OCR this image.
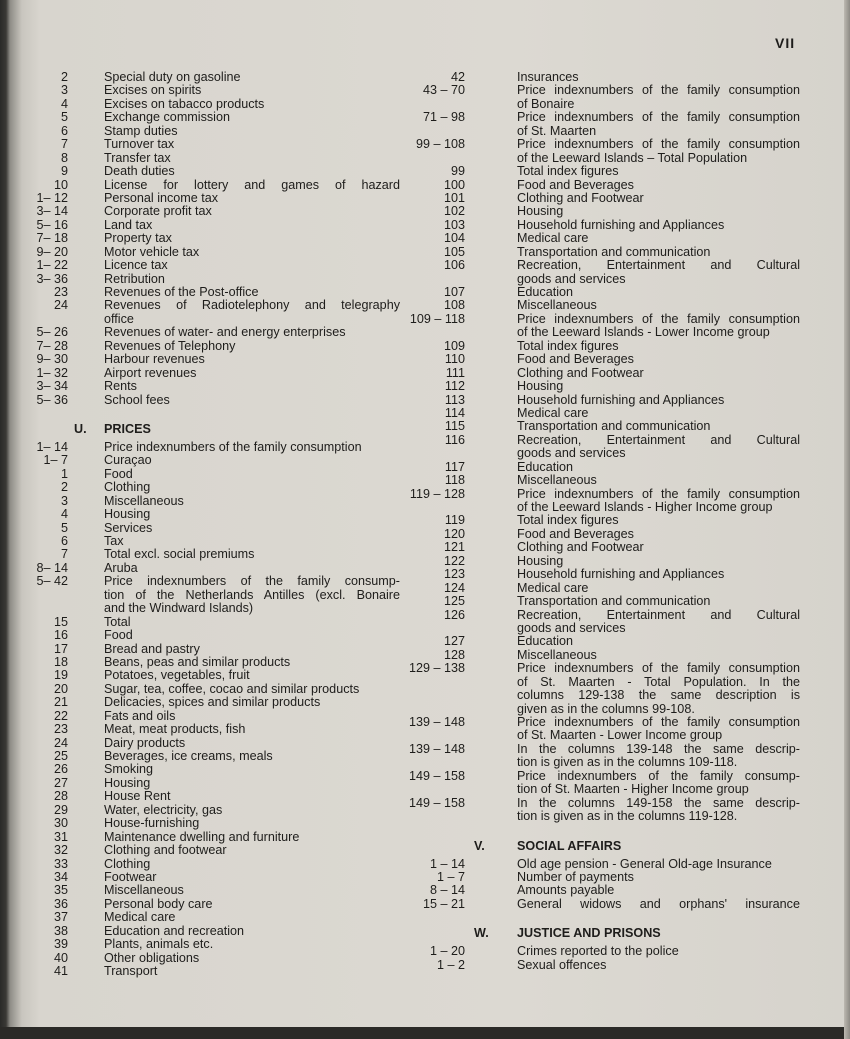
VII
2	Special duty on gasoline
3	Excises on spirits
4	Excises on tabacco products
5	Exchange commission
6	Stamp duties
7	Turnover tax
8	Transfer tax
9	Death duties
10	License for lottery and games of hazard
1– 12	Personal income tax
3– 14	Corporate profit tax
5– 16	Land tax
7– 18	Property tax
9– 20	Motor vehicle tax
1– 22	Licence tax
3– 36	Retribution
23	Revenues of the Post-office
24	Revenues of Radiotelephony and telegraphy
office
5– 26	Revenues of water- and energy enterprises
7– 28	Revenues of Telephony
9– 30	Harbour revenues
1– 32	Airport revenues
3– 34	Rents
5– 36	School fees
U.	PRICES
1– 14	Price indexnumbers of the family consumption
1– 7	Curaçao
1	Food
2	Clothing
3	Miscellaneous
4	Housing
5	Services
6	Tax
7	Total excl. social premiums
8– 14	Aruba
5– 42	Price indexnumbers of the family consump-
tion of the Netherlands Antilles (excl. Bonaire
and the Windward Islands)
15	Total
16	Food
17	Bread and pastry
18	Beans, peas and similar products
19	Potatoes, vegetables, fruit
20	Sugar, tea, coffee, cocao and similar products
21	Delicacies, spices and similar products
22	Fats and oils
23	Meat, meat products, fish
24	Dairy products
25	Beverages, ice creams, meals
26	Smoking
27	Housing
28	House Rent
29	Water, electricity, gas
30	House-furnishing
31	Maintenance dwelling and furniture
32	Clothing and footwear
33	Clothing
34	Footwear
35	Miscellaneous
36	Personal body care
37	Medical care
38	Education and recreation
39	Plants, animals etc.
40	Other obligations
41	Transport
42	Insurances
43 – 70	Price indexnumbers of the family consumption
of Bonaire
71 – 98	Price indexnumbers of the family consumption
of St. Maarten
99 – 108	Price indexnumbers of the family consumption
of the Leeward Islands – Total Population
99	Total index figures
100	Food and Beverages
101	Clothing and Footwear
102	Housing
103	Household furnishing and Appliances
104	Medical care
105	Transportation and communication
106	Recreation, Entertainment and Cultural
goods and services
107	Education
108	Miscellaneous
109 – 118	Price indexnumbers of the family consumption
of the Leeward Islands - Lower Income group
109	Total index figures
110	Food and Beverages
111	Clothing and Footwear
112	Housing
113	Household furnishing and Appliances
114	Medical care
115	Transportation and communication
116	Recreation, Entertainment and Cultural
goods and services
117	Education
118	Miscellaneous
119 – 128	Price indexnumbers of the family consumption
of the Leeward Islands - Higher Income group
119	Total index figures
120	Food and Beverages
121	Clothing and Footwear
122	Housing
123	Household furnishing and Appliances
124	Medical care
125	Transportation and communication
126	Recreation, Entertainment and Cultural
goods and services
127	Education
128	Miscellaneous
129 – 138	Price indexnumbers of the family consumption
of St. Maarten - Total Population. In the
columns 129-138 the same description is
given as in the columns 99-108.
139 – 148	Price indexnumbers of the family consumption
of St. Maarten - Lower Income group
139 – 148	In the columns 139-148 the same descrip-
tion is given as in the columns 109-118.
149 – 158	Price indexnumbers of the family consump-
tion of St. Maarten - Higher Income group
149 – 158	In the columns 149-158 the same descrip-
tion is given as in the columns 119-128.
V.	SOCIAL AFFAIRS
1 – 14	Old age pension - General Old-age Insurance
1 – 7	Number of payments
8 – 14	Amounts payable
15 – 21	General widows and orphans' insurance
W.	JUSTICE AND PRISONS
1 – 20	Crimes reported to the police
1 – 2	Sexual offences
